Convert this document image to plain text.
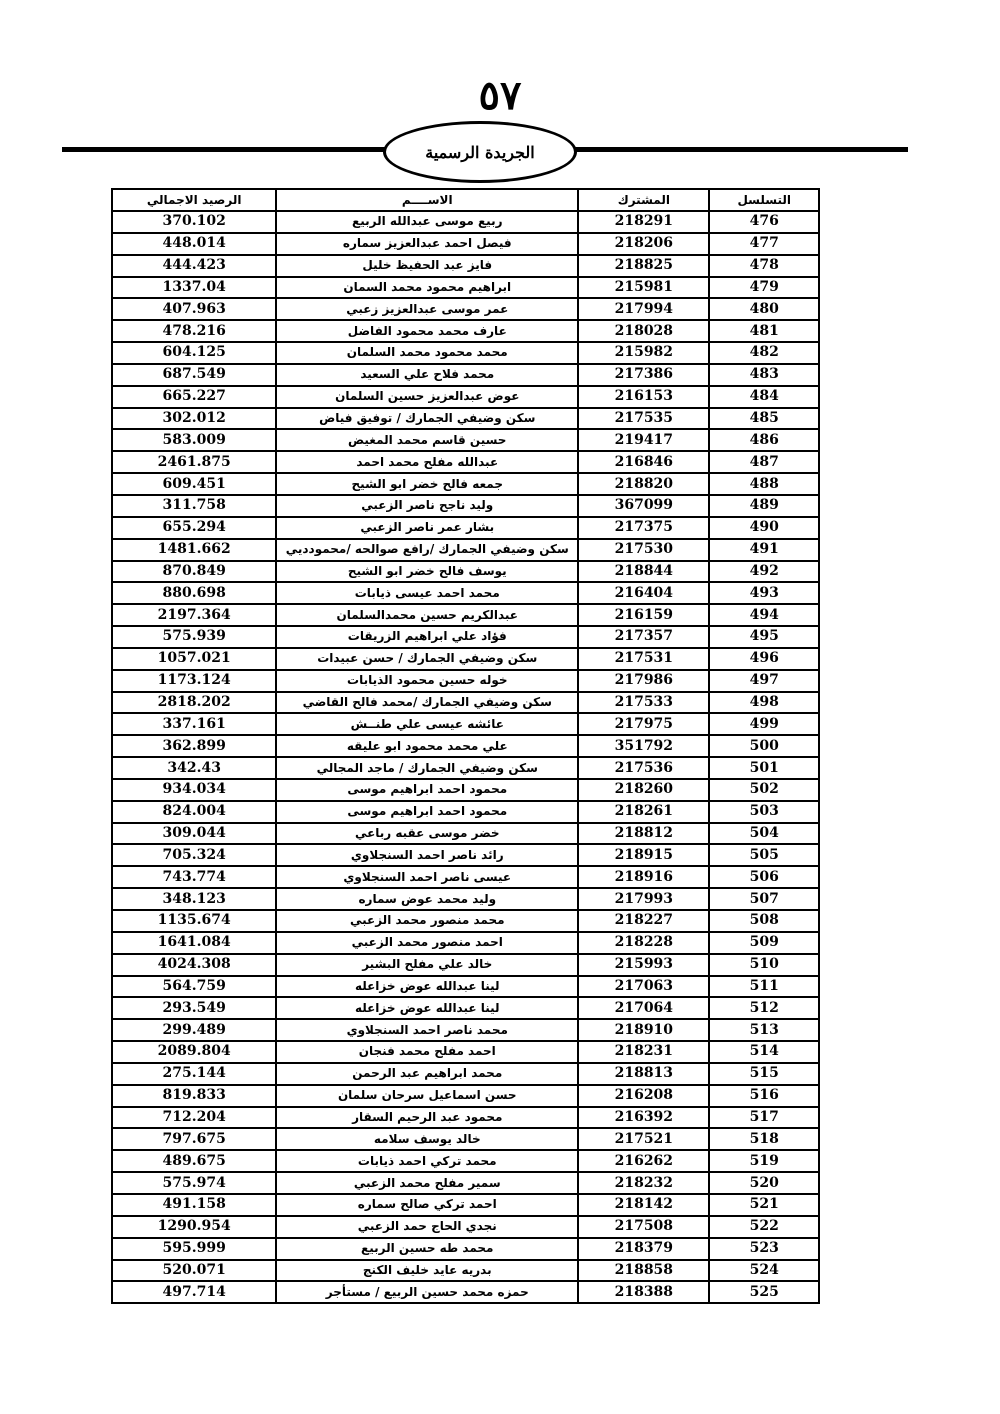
٥٧
الجريدة الرسمية
الرصيد الاجمالي	الاســــم	المشترك	التسلسل
370.102	ربيع موسى عبدالله الربيع	218291	476
448.014	فيصل احمد عبدالعزيز سماره	218206	477
444.423	فايز عبد الحفيظ خليل	218825	478
1337.04	ابراهيم محمود محمد السمان	215981	479
407.963	عمر موسى عبدالعزيز زعبي	217994	480
478.216	عارف محمد محمود الفاضل	218028	481
604.125	محمد محمود محمد السلمان	215982	482
687.549	محمد فلاح علي السعيد	217386	483
665.227	عوض عبدالعزيز حسين السلمان	216153	484
302.012	سكن وضيفي الجمارك / توفيق فياض	217535	485
583.009	حسين قاسم محمد المغيض	219417	486
2461.875	عبدالله مفلح محمد احمد	216846	487
609.451	جمعه فالح خضر ابو الشيح	218820	488
311.758	وليد ناجح ناصر الزعبي	367099	489
655.294	بشار عمر ناصر الزعبي	217375	490
1481.662	سكن وضيفي الجمارك /رافع صوالحه /محمودديي	217530	491
870.849	يوسف فالح خضر ابو الشيح	218844	492
880.698	محمد احمد عيسى ذيابات	216404	493
2197.364	عبدالكريم حسين محمدالسلمان	216159	494
575.939	فؤاد علي ابراهيم الزريقات	217357	495
1057.021	سكن وضيفي الجمارك / حسن عبيدات	217531	496
1173.124	خوله حسين محمود الذيابات	217986	497
2818.202	سكن وضيفي الجمارك /محمد فالح القاضي	217533	498
337.161	عائشه عيسى علي طنــش	217975	499
362.899	علي محمد محمود ابو عليقه	351792	500
342.43	سكن وضيفي الجمارك / ماجد المجالي	217536	501
934.034	محمود احمد ابراهيم موسى	218260	502
824.004	محمود احمد ابراهيم موسى	218261	503
309.044	خضر موسى عقبه رباعي	218812	504
705.324	رائد ناصر احمد السنجلاوي	218915	505
743.774	عيسى ناصر احمد السنجلاوي	218916	506
348.123	وليد محمد عوض سماره	217993	507
1135.674	محمد منصور محمد الزعبي	218227	508
1641.084	احمد منصور محمد الزعبي	218228	509
4024.308	خالد علي مفلح البشير	215993	510
564.759	لينا عبدالله عوض خزاعله	217063	511
293.549	لينا عبدالله عوض خزاعله	217064	512
299.489	محمد ناصر احمد السنجلاوي	218910	513
2089.804	احمد مفلح محمد فنجان	218231	514
275.144	محمد ابراهيم عبد الرحمن	218813	515
819.833	حسن اسماعيل سرحان سلمان	216208	516
712.204	محمود عبد الرحيم السقار	216392	517
797.675	خالد يوسف سلامه	217521	518
489.675	محمد تركي احمد ذيابات	216262	519
575.974	سمير مفلح محمد الزعبي	218232	520
491.158	احمد تركي صالح سماره	218142	521
1290.954	نجدي الحاج حمد الزعبي	217508	522
595.999	محمد طه حسين الربيع	218379	523
520.071	بدريه عايد خليف الكنج	218858	524
497.714	حمزه محمد حسين الربيع / مستأجر	218388	525
